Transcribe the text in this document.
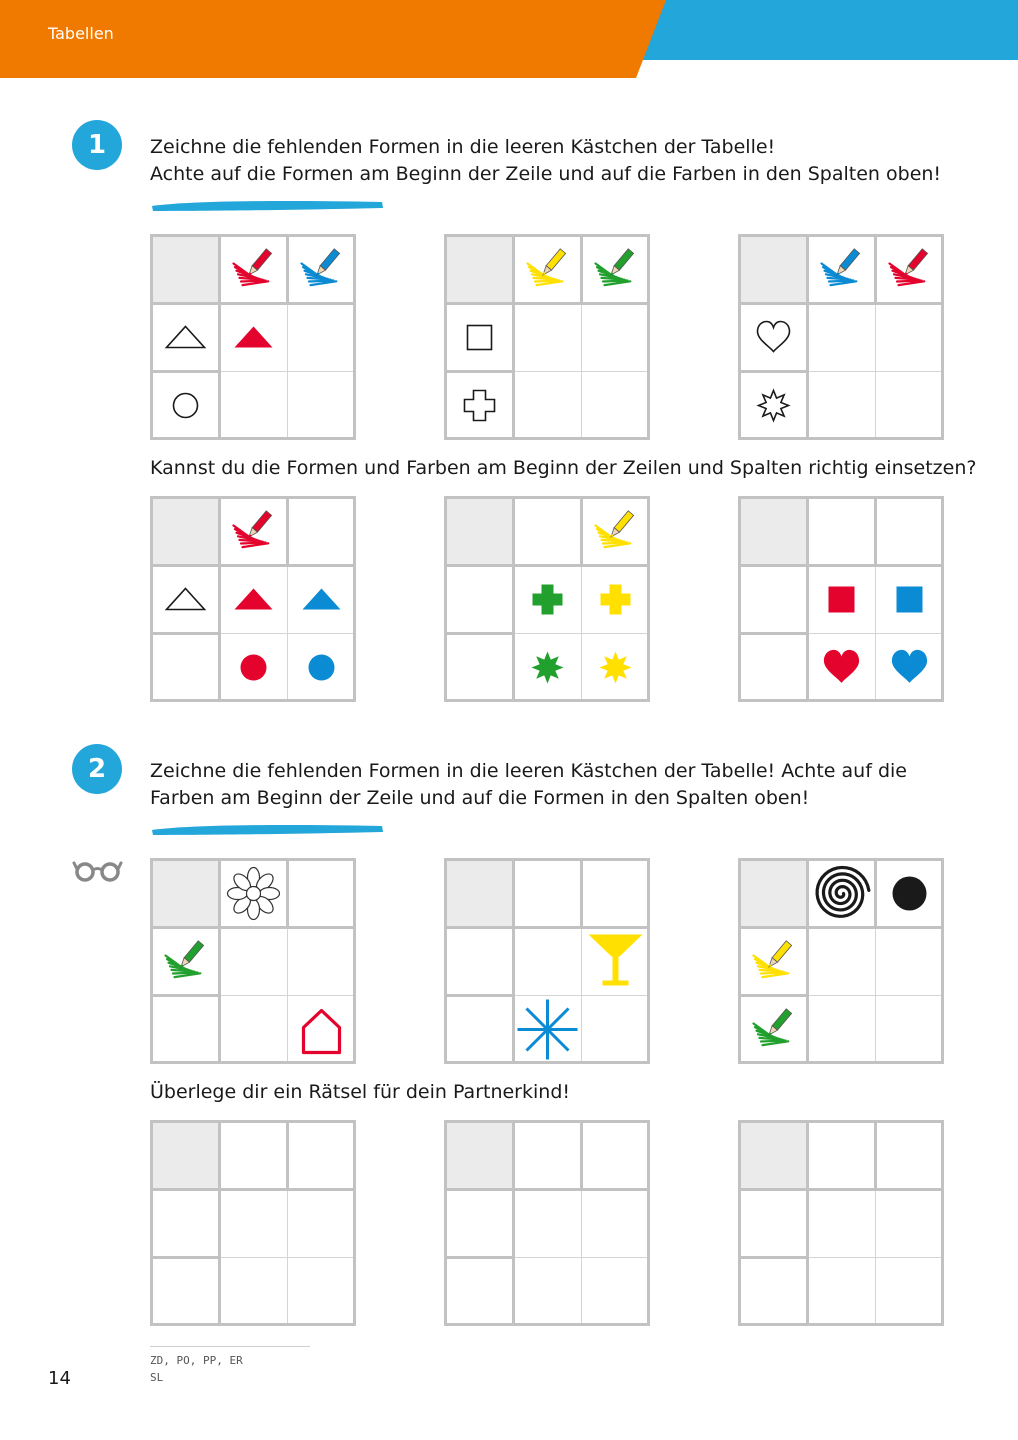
Tabellen
1	Zeichne die fehlenden Formen in die leeren Kästchen der Tabelle!
Achte auf die Formen am Beginn der Zeile und auf die Farben in den Spalten oben!
Kannst du die Formen und Farben am Beginn der Zeilen und Spalten richtig einsetzen?
2	Zeichne die fehlenden Formen in die leeren Kästchen der Tabelle! Achte auf die
Farben am Beginn der Zeile und auf die Formen in den Spalten oben!
Überlege dir ein Rätsel für dein Partnerkind!
ZD, PO, PP, ER
SL
14
